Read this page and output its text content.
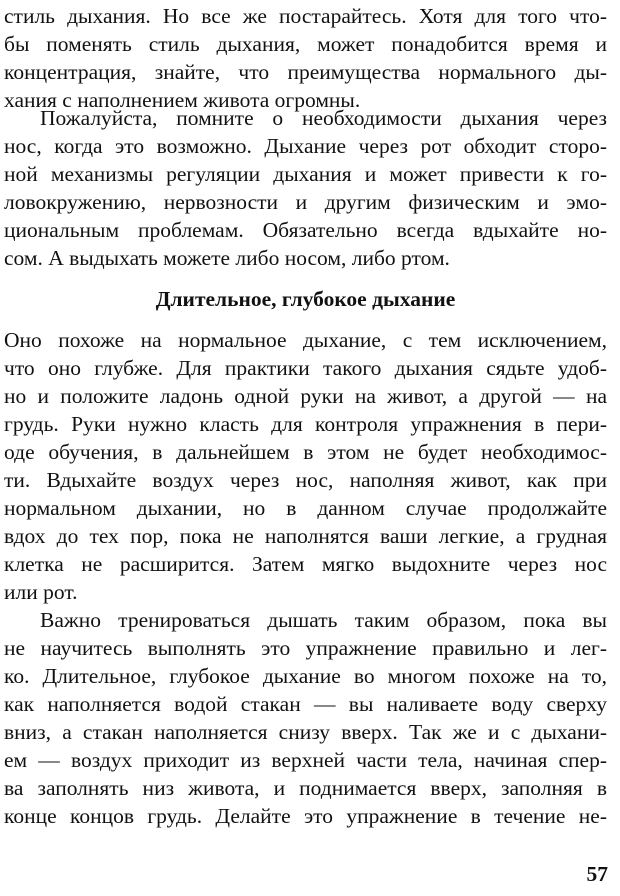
стиль дыхания. Но все же постарайтесь. Хотя для того что-
бы поменять стиль дыхания, может понадобится время и
концентрация, знайте, что преимущества нормального ды-
хания с наполнением живота огромны.
Пожалуйста, помните о необходимости дыхания через
нос, когда это возможно. Дыхание через рот обходит сторо-
ной механизмы регуляции дыхания и может привести к го-
ловокружению, нервозности и другим физическим и эмо-
циональным проблемам. Обязательно всегда вдыхайте но-
сом. А выдыхать можете либо носом, либо ртом.
Длительное, глубокое дыхание
Оно похоже на нормальное дыхание, с тем исключением,
что оно глубже. Для практики такого дыхания сядьте удоб-
но и положите ладонь одной руки на живот, а другой — на
грудь. Руки нужно класть для контроля упражнения в пери-
оде обучения, в дальнейшем в этом не будет необходимос-
ти. Вдыхайте воздух через нос, наполняя живот, как при
нормальном дыхании, но в данном случае продолжайте
вдох до тех пор, пока не наполнятся ваши легкие, а грудная
клетка не расширится. Затем мягко выдохните через нос
или рот.
Важно тренироваться дышать таким образом, пока вы
не научитесь выполнять это упражнение правильно и лег-
ко. Длительное, глубокое дыхание во многом похоже на то,
как наполняется водой стакан — вы наливаете воду сверху
вниз, а стакан наполняется снизу вверх. Так же и с дыхани-
ем — воздух приходит из верхней части тела, начиная спер-
ва заполнять низ живота, и поднимается вверх, заполняя в
конце концов грудь. Делайте это упражнение в течение не-
57
